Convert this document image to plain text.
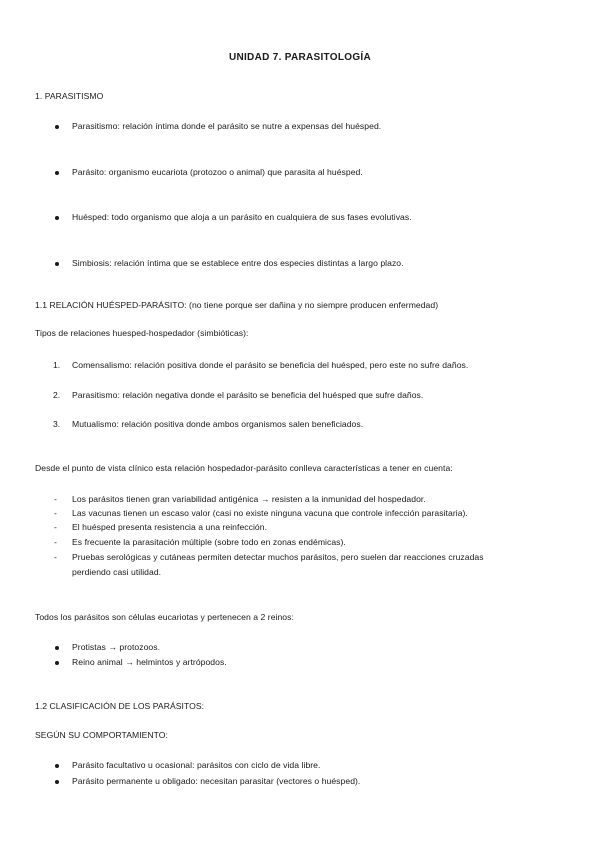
UNIDAD 7. PARASITOLOGÍA
1. PARASITISMO
Parasitismo: relación íntima donde el parásito se nutre a expensas del huésped.
Parásito: organismo eucariota (protozoo o animal) que parasita al huésped.
Huésped: todo organismo que aloja a un parásito en cualquiera de sus fases evolutivas.
Simbiosis: relación íntima que se establece entre dos especies distintas a largo plazo.
1.1 RELACIÓN HUÉSPED-PARÁSITO: (no tiene porque ser dañina y no siempre producen enfermedad)
Tipos de relaciones huesped-hospedador (simbióticas):
1. Comensalismo: relación positiva donde el parásito se beneficia del huésped, pero este no sufre daños.
2. Parasitismo: relación negativa donde el parásito se beneficia del huésped que sufre daños.
3. Mutualismo: relación positiva donde ambos organismos salen beneficiados.
Desde el punto de vista clínico esta relación hospedador-parásito conlleva características a tener en cuenta:
- Los parásitos tienen gran variabilidad antigénica → resisten a la inmunidad del hospedador.
- Las vacunas tienen un escaso valor (casi no existe ninguna vacuna que controle infección parasitaria).
- El huésped presenta resistencia a una reinfección.
- Es frecuente la parasitación múltiple (sobre todo en zonas endémicas).
- Pruebas serológicas y cutáneas permiten detectar muchos parásitos, pero suelen dar reacciones cruzadas
perdiendo casi utilidad.
Todos los parásitos son células eucariotas y pertenecen a 2 reinos:
Protistas → protozoos.
Reino animal → helmintos y artrópodos.
1.2 CLASIFICACIÓN DE LOS PARÁSITOS:
SEGÚN SU COMPORTAMIENTO:
Parásito facultativo u ocasional: parásitos con ciclo de vida libre.
Parásito permanente u obligado: necesitan parasitar (vectores o huésped).
